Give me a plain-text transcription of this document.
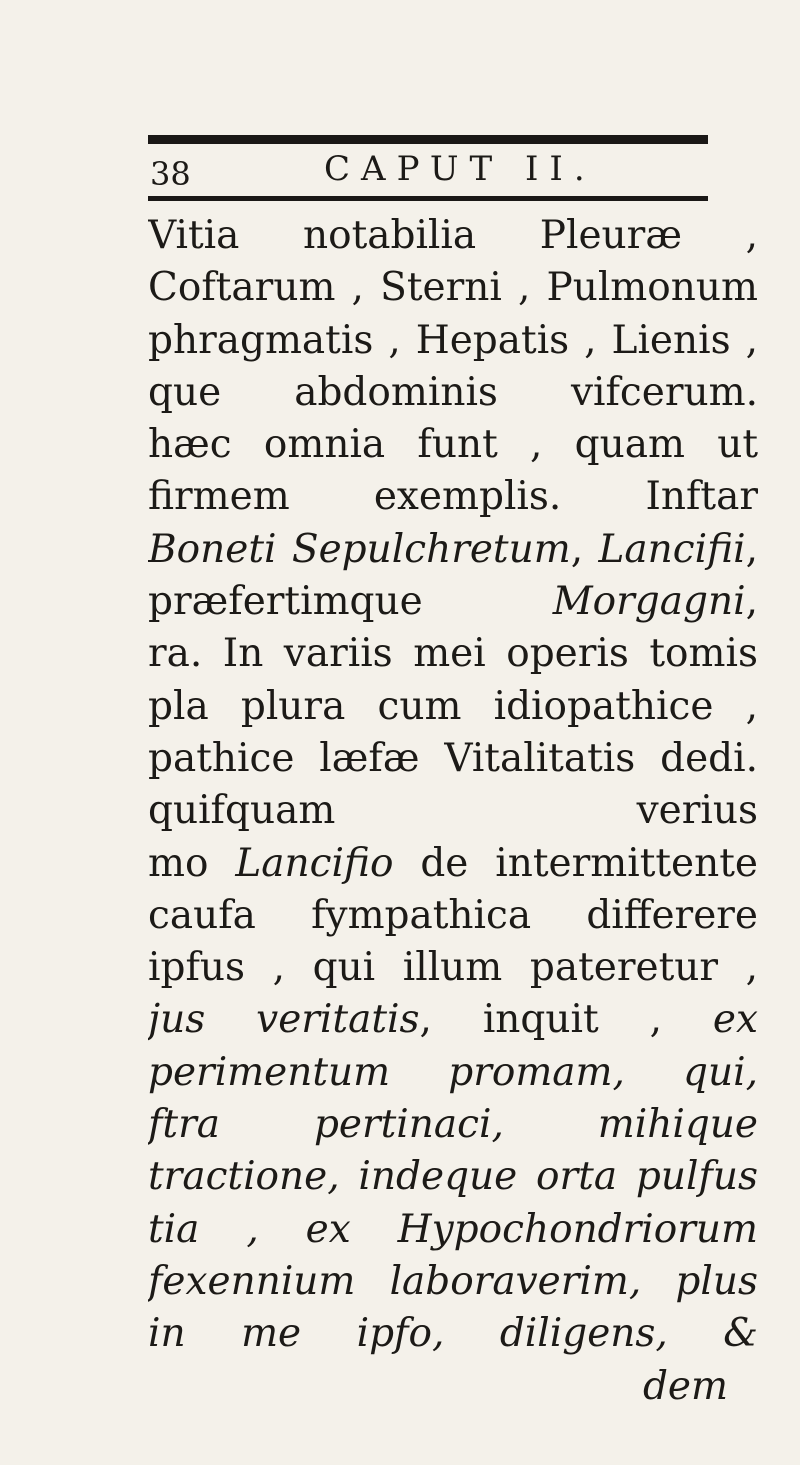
38	CAPUT II.
Vitia notabilia Pleuræ ,
Coftarum , Sterni , Pulmonum
phragmatis , Hepatis , Lienis ,
que abdominis vifcerum.
hæc omnia funt , quam ut
firmem exemplis. Inftar
Boneti Sepulchretum, Lancifii,
præfertimque Morgagni,
ra. In variis mei operis tomis
pla plura cum idiopathice ,
pathice læfæ Vitalitatis dedi.
quifquam verius
mo Lancifio de intermittente
caufa fympathica differere
ipfus , qui illum pateretur ,
jus veritatis, inquit , ex
perimentum promam, qui,
ftra pertinaci, mihique
tractione, indeque orta pulfus
tia , ex Hypochondriorum
fexennium laboraverim, plus
in me ipfo, diligens, &
dem
